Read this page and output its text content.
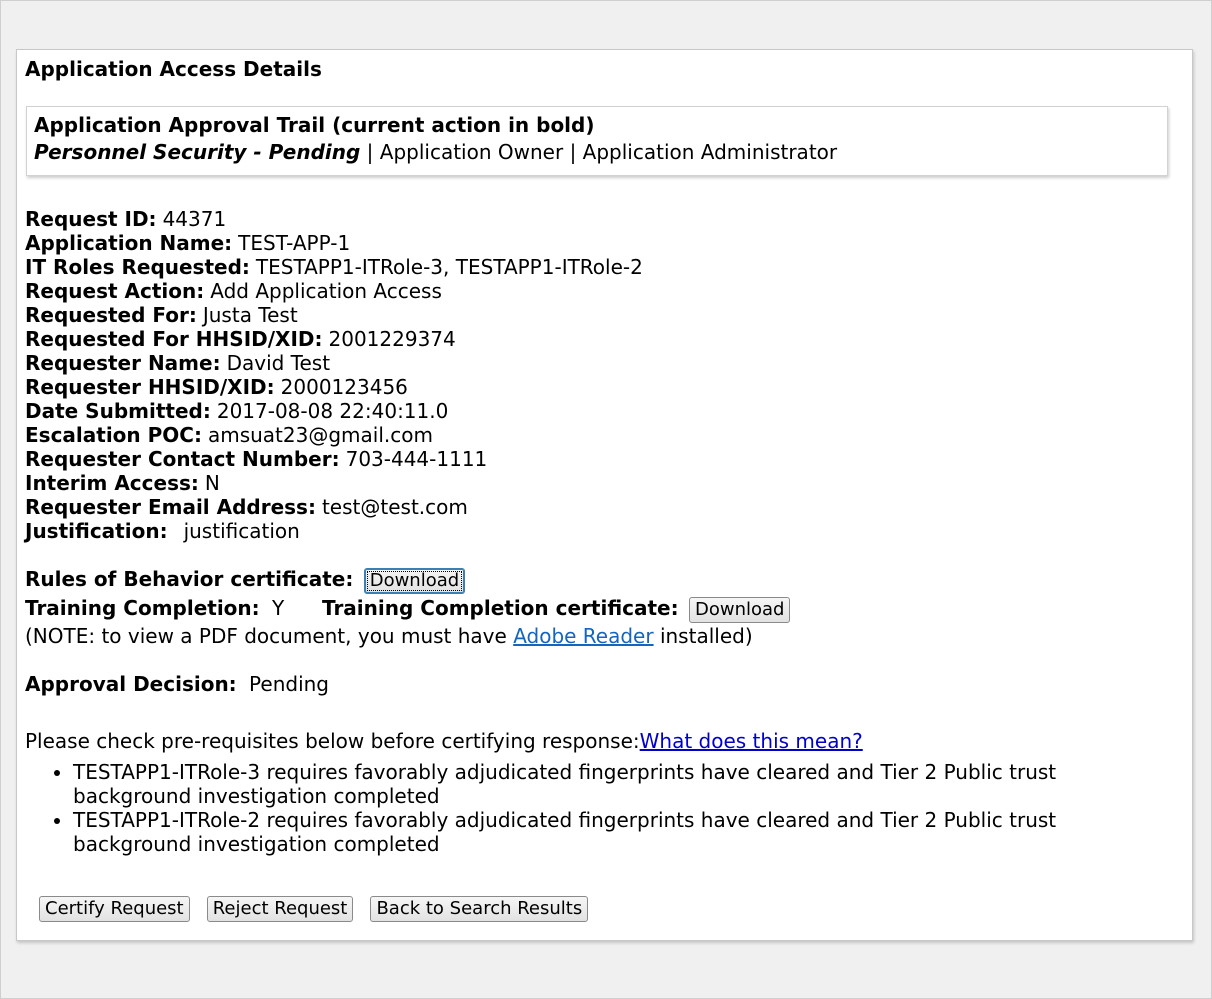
Application Access Details
Application Approval Trail (current action in bold)
Personnel Security - Pending | Application Owner | Application Administrator
Request ID: 44371
Application Name: TEST-APP-1
IT Roles Requested: TESTAPP1-ITRole-3, TESTAPP1-ITRole-2
Request Action: Add Application Access
Requested For: Justa Test
Requested For HHSID/XID: 2001229374
Requester Name: David Test
Requester HHSID/XID: 2000123456
Date Submitted: 2017-08-08 22:40:11.0
Escalation POC: amsuat23@gmail.com
Requester Contact Number: 703-444-1111
Interim Access: N
Requester Email Address: test@test.com
Justification: justification
Rules of Behavior certificate: Download
Training Completion: Y Training Completion certificate: Download
(NOTE: to view a PDF document, you must have Adobe Reader installed)
Approval Decision: Pending
Please check pre-requisites below before certifying response:What does this mean?
• TESTAPP1-ITRole-3 requires favorably adjudicated fingerprints have cleared and Tier 2 Public trust background investigation completed
• TESTAPP1-ITRole-2 requires favorably adjudicated fingerprints have cleared and Tier 2 Public trust background investigation completed
Certify Request Reject Request Back to Search Results
